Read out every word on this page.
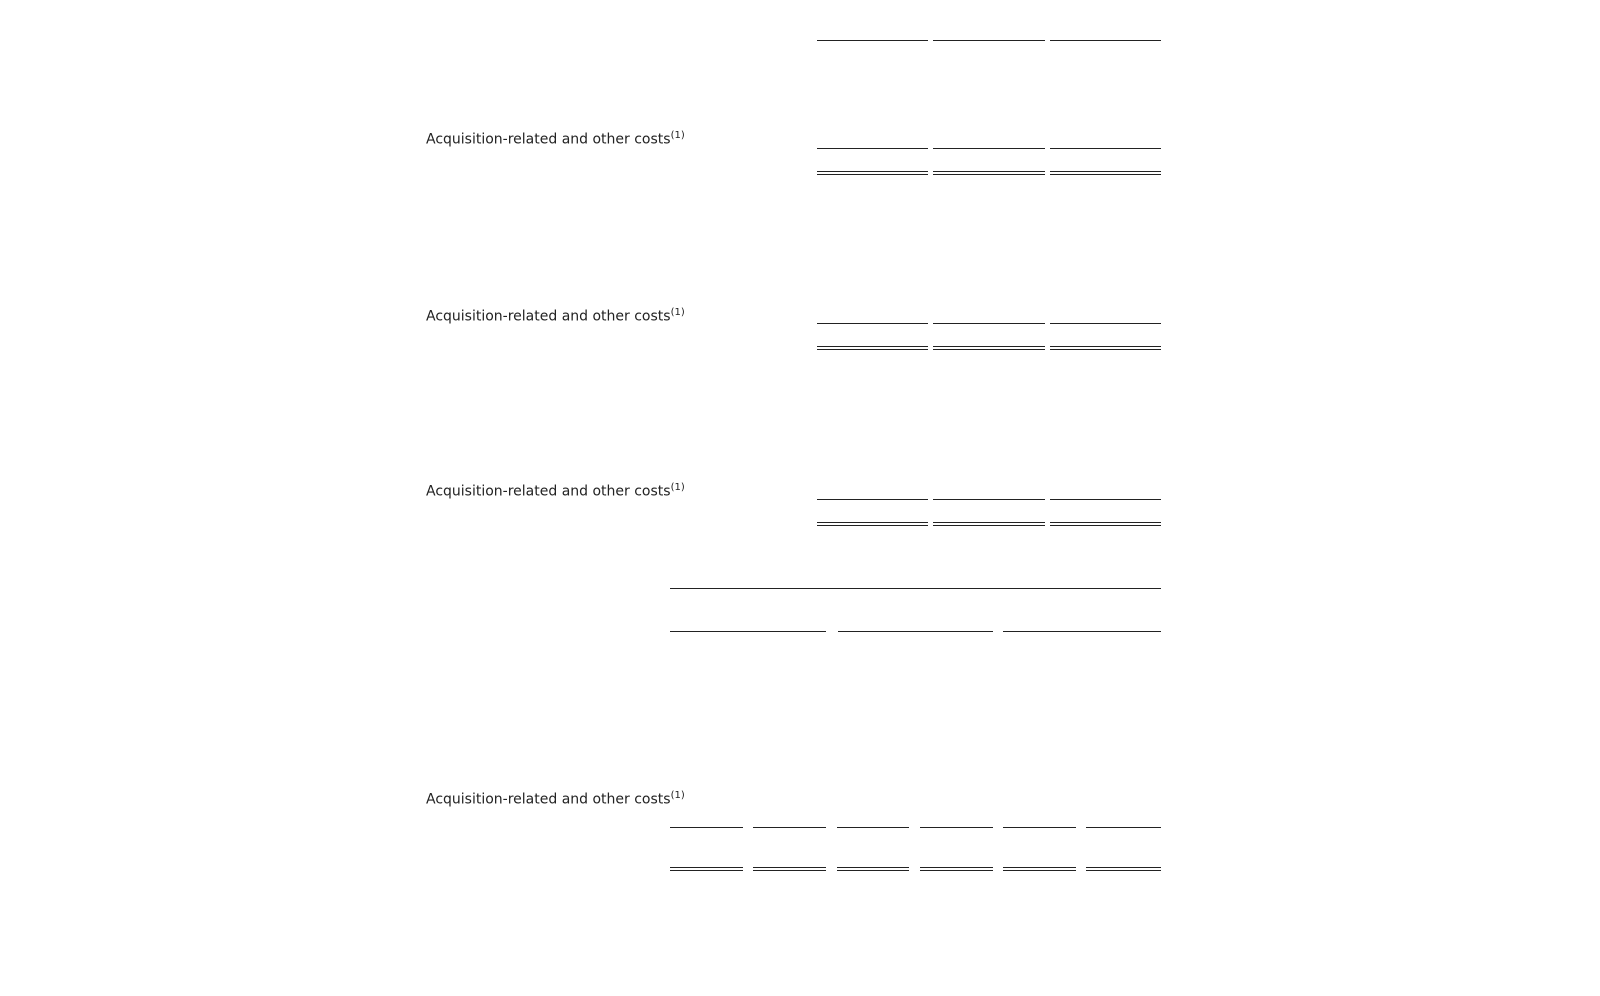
Acquisition-related and other costs$^{(1)}$
Acquisition-related and other costs$^{(1)}$
Acquisition-related and other costs$^{(1)}$
Acquisition-related and other costs$^{(1)}$
